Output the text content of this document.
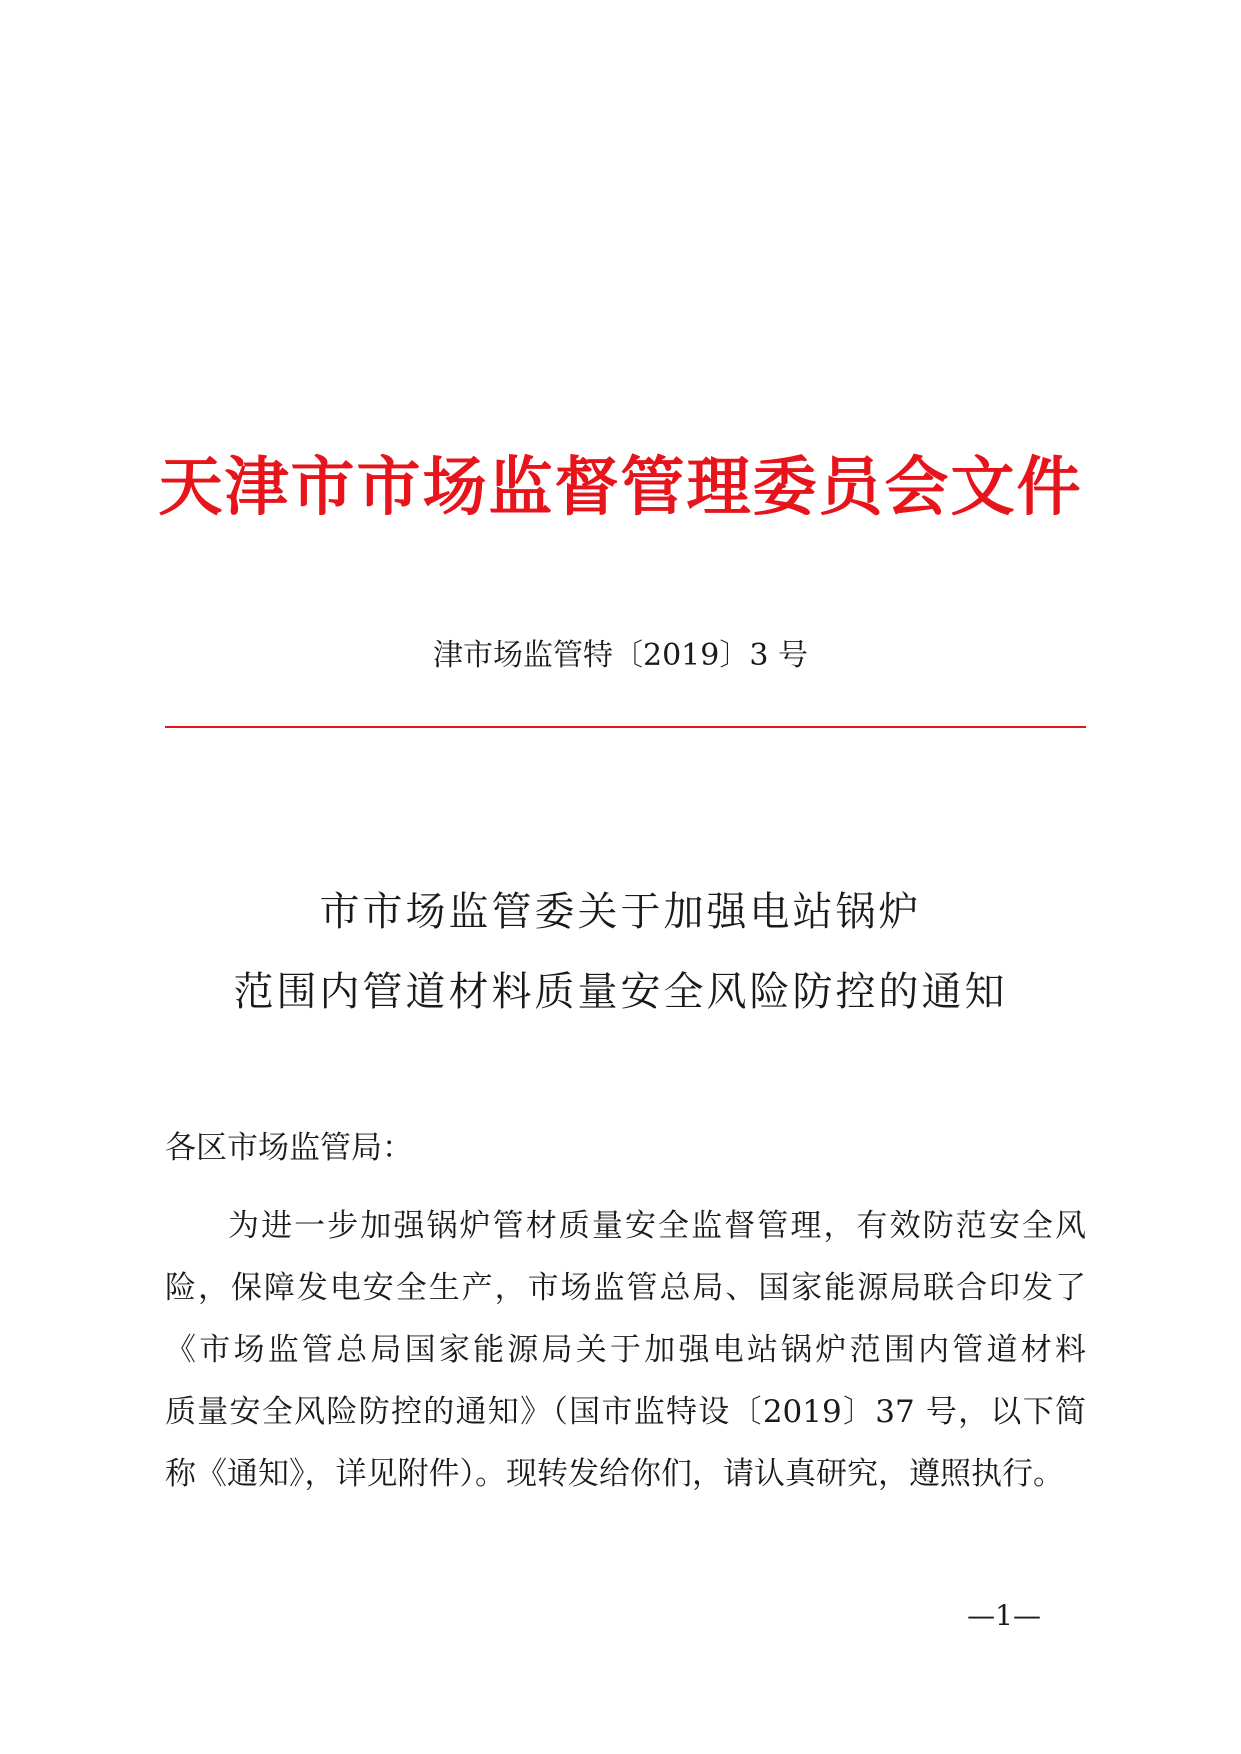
天津市市场监督管理委员会文件
津市场监管特〔2019〕3 号
市市场监管委关于加强电站锅炉
范围内管道材料质量安全风险防控的通知
各区市场监管局：
为进一步加强锅炉管材质量安全监督管理，有效防范安全风
险，保障发电安全生产，市场监管总局、国家能源局联合印发了
《市场监管总局国家能源局关于加强电站锅炉范围内管道材料
质量安全风险防控的通知》（国市监特设〔2019〕37 号，以下简
称《通知》，详见附件）。现转发给你们，请认真研究，遵照执行。
—1—
